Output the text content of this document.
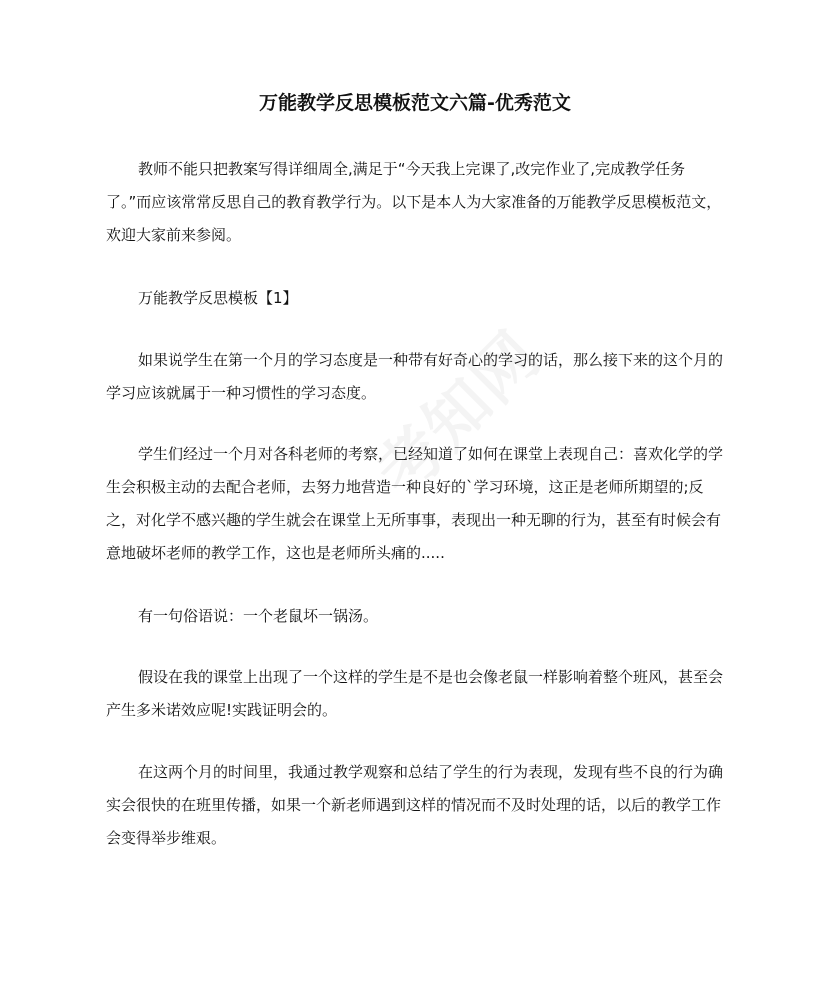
万能教学反思模板范文六篇-优秀范文

教师不能只把教案写得详细周全,满足于“今天我上完课了,改完作业了,完成教学任务了。”而应该常常反思自己的教育教学行为。以下是本人为大家准备的万能教学反思模板范文，欢迎大家前来参阅。

万能教学反思模板【1】

如果说学生在第一个月的学习态度是一种带有好奇心的学习的话，那么接下来的这个月的学习应该就属于一种习惯性的学习态度。

学生们经过一个月对各科老师的考察，已经知道了如何在课堂上表现自己：喜欢化学的学生会积极主动的去配合老师，去努力地营造一种良好的`学习环境，这正是老师所期望的;反之，对化学不感兴趣的学生就会在课堂上无所事事，表现出一种无聊的行为，甚至有时候会有意地破坏老师的教学工作，这也是老师所头痛的.....

有一句俗语说：一个老鼠坏一锅汤。

假设在我的课堂上出现了一个这样的学生是不是也会像老鼠一样影响着整个班风，甚至会产生多米诺效应呢!实践证明会的。

在这两个月的时间里，我通过教学观察和总结了学生的行为表现，发现有些不良的行为确实会很快的在班里传播，如果一个新老师遇到这样的情况而不及时处理的话，以后的教学工作会变得举步维艰。
